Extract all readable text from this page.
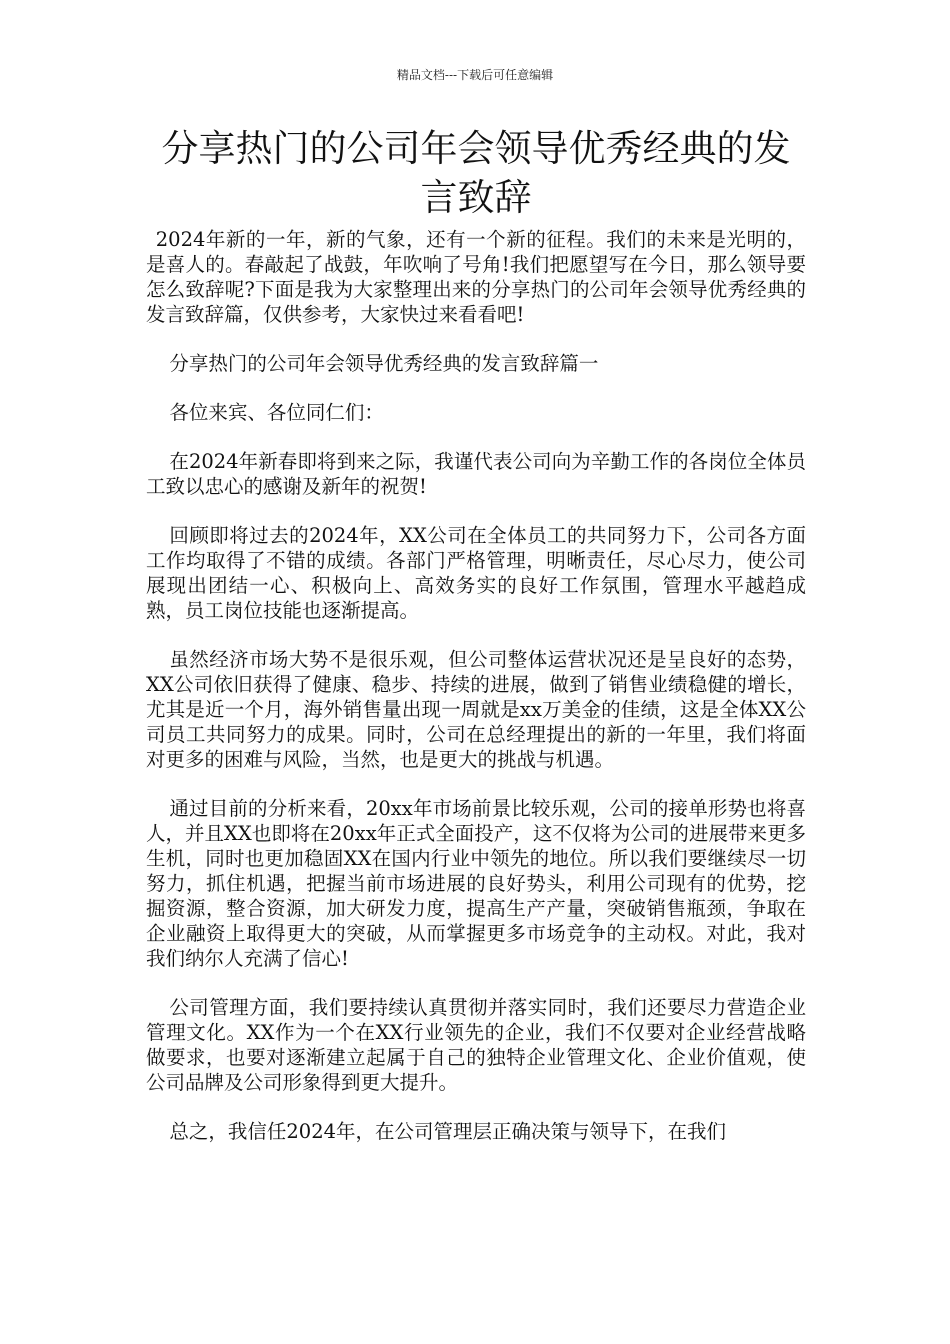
精品文档---下载后可任意编辑
分享热门的公司年会领导优秀经典的发言致辞

2024年新的一年，新的气象，还有一个新的征程。我们的未来是光明的，是喜人的。春敲起了战鼓，年吹响了号角!我们把愿望写在今日，那么领导要怎么致辞呢?下面是我为大家整理出来的分享热门的公司年会领导优秀经典的发言致辞篇，仅供参考，大家快过来看看吧!

分享热门的公司年会领导优秀经典的发言致辞篇一

各位来宾、各位同仁们：

在2024年新春即将到来之际，我谨代表公司向为辛勤工作的各岗位全体员工致以忠心的感谢及新年的祝贺!

回顾即将过去的2024年，XX公司在全体员工的共同努力下，公司各方面工作均取得了不错的成绩。各部门严格管理，明晰责任，尽心尽力，使公司展现出团结一心、积极向上、高效务实的良好工作氛围，管理水平越趋成熟，员工岗位技能也逐渐提高。

虽然经济市场大势不是很乐观，但公司整体运营状况还是呈良好的态势，XX公司依旧获得了健康、稳步、持续的进展，做到了销售业绩稳健的增长，尤其是近一个月，海外销售量出现一周就是xx万美金的佳绩，这是全体XX公司员工共同努力的成果。同时，公司在总经理提出的新的一年里，我们将面对更多的困难与风险，当然，也是更大的挑战与机遇。

通过目前的分析来看，20xx年市场前景比较乐观，公司的接单形势也将喜人，并且XX也即将在20xx年正式全面投产，这不仅将为公司的进展带来更多生机，同时也更加稳固XX在国内行业中领先的地位。所以我们要继续尽一切努力，抓住机遇，把握当前市场进展的良好势头，利用公司现有的优势，挖掘资源，整合资源，加大研发力度，提高生产产量，突破销售瓶颈，争取在企业融资上取得更大的突破，从而掌握更多市场竞争的主动权。对此，我对我们纳尔人充满了信心!

公司管理方面，我们要持续认真贯彻并落实同时，我们还要尽力营造企业管理文化。XX作为一个在XX行业领先的企业，我们不仅要对企业经营战略做要求，也要对逐渐建立起属于自己的独特企业管理文化、企业价值观，使公司品牌及公司形象得到更大提升。

总之，我信任2024年，在公司管理层正确决策与领导下，在我们
